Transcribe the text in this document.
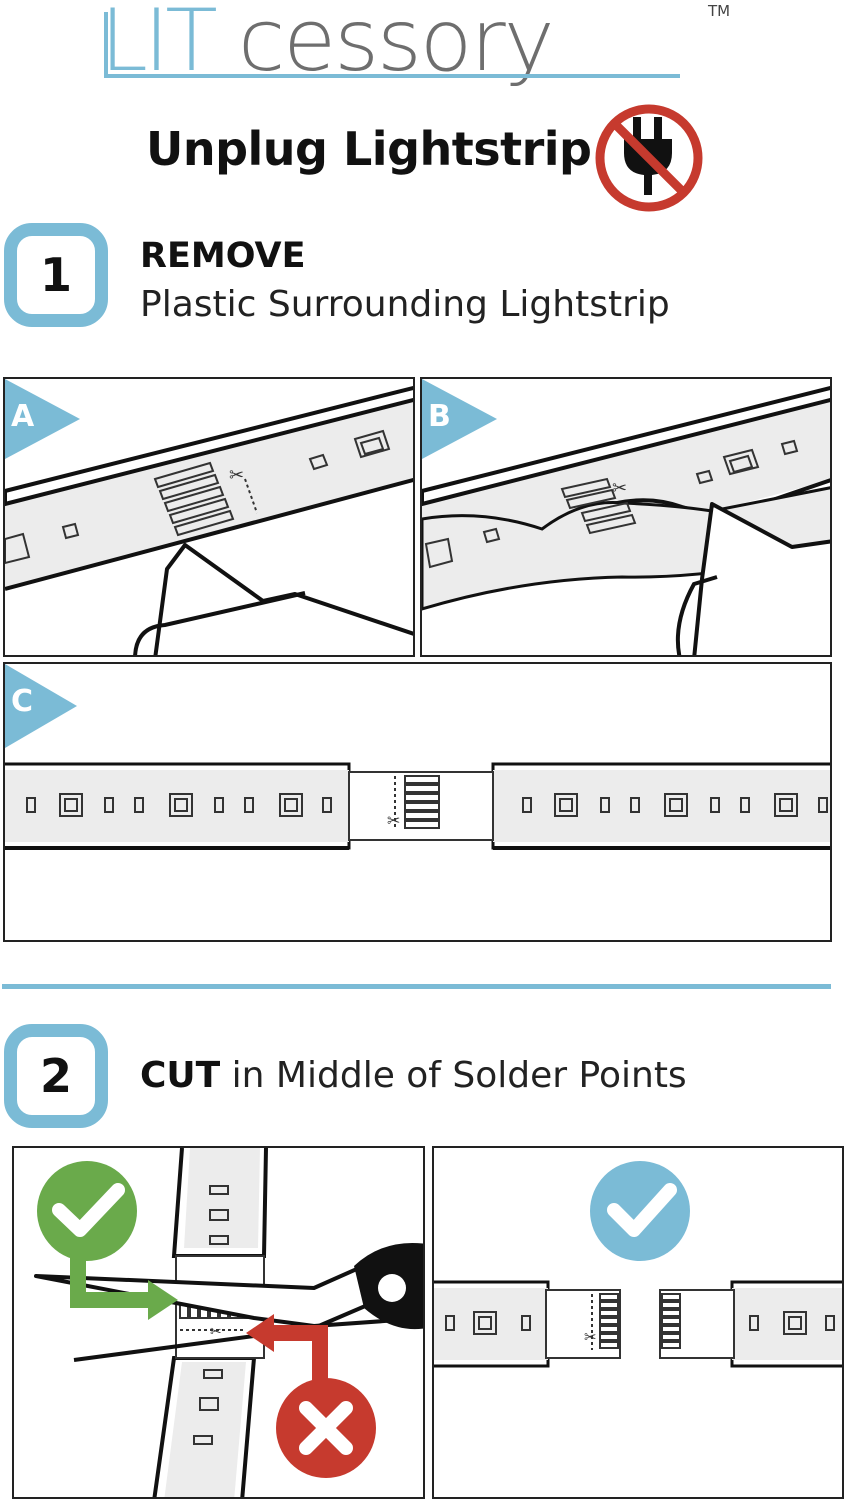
LIT cessory	TM
Unplug Lightstrip
1	REMOVE
Plastic Surrounding Lightstrip
✂
A
✂
B
✂
C
2	CUT in Middle of Solder Points
✂	✂
